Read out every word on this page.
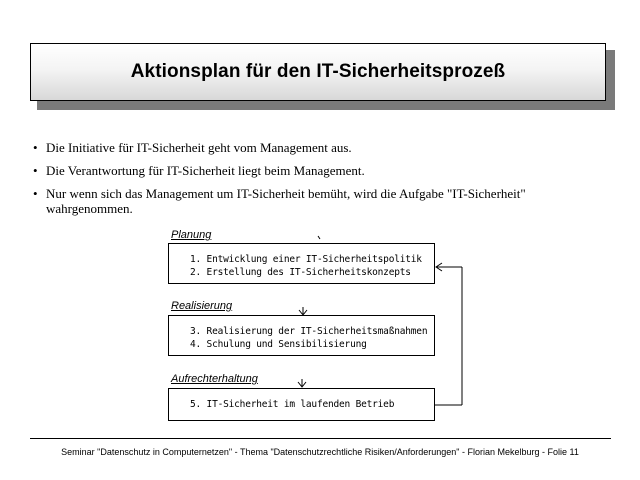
Aktionsplan für den IT-Sicherheitsprozeß
• Die Initiative für IT-Sicherheit geht vom Management aus.
• Die Verantwortung für IT-Sicherheit liegt beim Management.
• Nur wenn sich das Management um IT-Sicherheit bemüht, wird die Aufgabe "IT-Sicherheit" wahrgenommen.
Planung
1. Entwicklung einer IT-Sicherheitspolitik
2. Erstellung des IT-Sicherheitskonzepts
Realisierung
3. Realisierung der IT-Sicherheitsmaßnahmen
4. Schulung und Sensibilisierung
Aufrechterhaltung
5. IT-Sicherheit im laufenden Betrieb
Seminar "Datenschutz in Computernetzen" - Thema "Datenschutzrechtliche Risiken/Anforderungen" - Florian Mekelburg - Folie 11
